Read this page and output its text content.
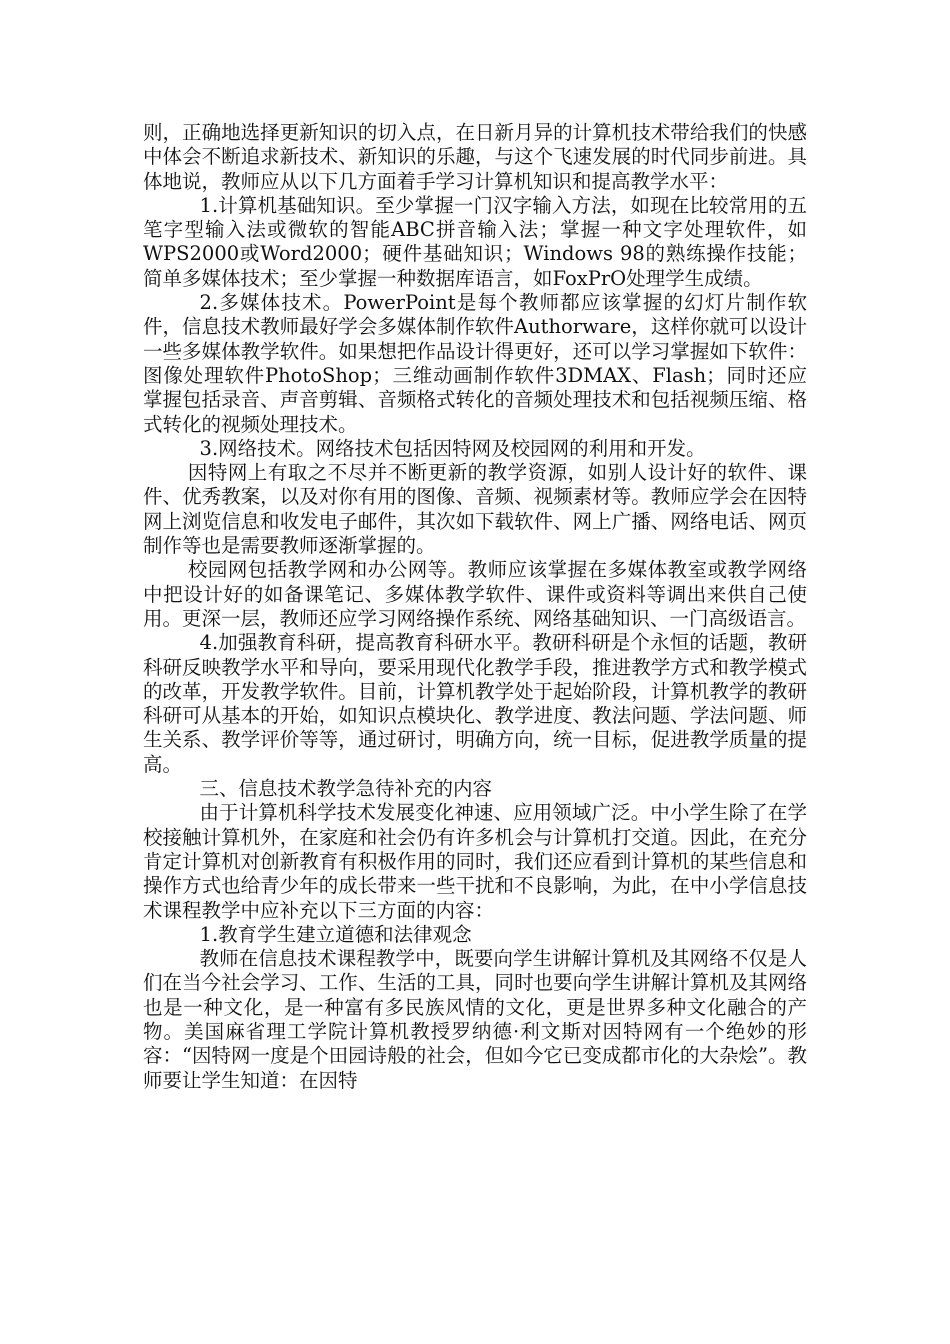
则，正确地选择更新知识的切入点，在日新月异的计算机技术带给我们的快感中体会不断追求新技术、新知识的乐趣，与这个飞速发展的时代同步前进。具体地说，教师应从以下几方面着手学习计算机知识和提高教学水平：

1.计算机基础知识。至少掌握一门汉字输入方法，如现在比较常用的五笔字型输入法或微软的智能ABC拼音输入法；掌握一种文字处理软件，如WPS2000或Word2000；硬件基础知识；Windows 98的熟练操作技能；简单多媒体技术；至少掌握一种数据库语言，如FoxPrO处理学生成绩。

2.多媒体技术。PowerPoint是每个教师都应该掌握的幻灯片制作软件，信息技术教师最好学会多媒体制作软件Authorware，这样你就可以设计一些多媒体教学软件。如果想把作品设计得更好，还可以学习掌握如下软件：图像处理软件PhotoShop；三维动画制作软件3DMAX、Flash；同时还应掌握包括录音、声音剪辑、音频格式转化的音频处理技术和包括视频压缩、格式转化的视频处理技术。

3.网络技术。网络技术包括因特网及校园网的利用和开发。

因特网上有取之不尽并不断更新的教学资源，如别人设计好的软件、课件、优秀教案，以及对你有用的图像、音频、视频素材等。教师应学会在因特网上浏览信息和收发电子邮件，其次如下载软件、网上广播、网络电话、网页制作等也是需要教师逐渐掌握的。

校园网包括教学网和办公网等。教师应该掌握在多媒体教室或教学网络中把设计好的如备课笔记、多媒体教学软件、课件或资料等调出来供自己使用。更深一层，教师还应学习网络操作系统、网络基础知识、一门高级语言。

4.加强教育科研，提高教育科研水平。教研科研是个永恒的话题，教研科研反映教学水平和导向，要采用现代化教学手段，推进教学方式和教学模式的改革，开发教学软件。目前，计算机教学处于起始阶段，计算机教学的教研科研可从基本的开始，如知识点模块化、教学进度、教法问题、学法问题、师生关系、教学评价等等，通过研讨，明确方向，统一目标，促进教学质量的提高。

三、信息技术教学急待补充的内容

由于计算机科学技术发展变化神速、应用领域广泛。中小学生除了在学校接触计算机外，在家庭和社会仍有许多机会与计算机打交道。因此，在充分肯定计算机对创新教育有积极作用的同时，我们还应看到计算机的某些信息和操作方式也给青少年的成长带来一些干扰和不良影响，为此，在中小学信息技术课程教学中应补充以下三方面的内容：

1.教育学生建立道德和法律观念

教师在信息技术课程教学中，既要向学生讲解计算机及其网络不仅是人们在当今社会学习、工作、生活的工具，同时也要向学生讲解计算机及其网络也是一种文化，是一种富有多民族风情的文化，更是世界多种文化融合的产物。美国麻省理工学院计算机教授罗纳德·利文斯对因特网有一个绝妙的形容：“因特网一度是个田园诗般的社会，但如今它已变成都市化的大杂烩”。教师要让学生知道：在因特
